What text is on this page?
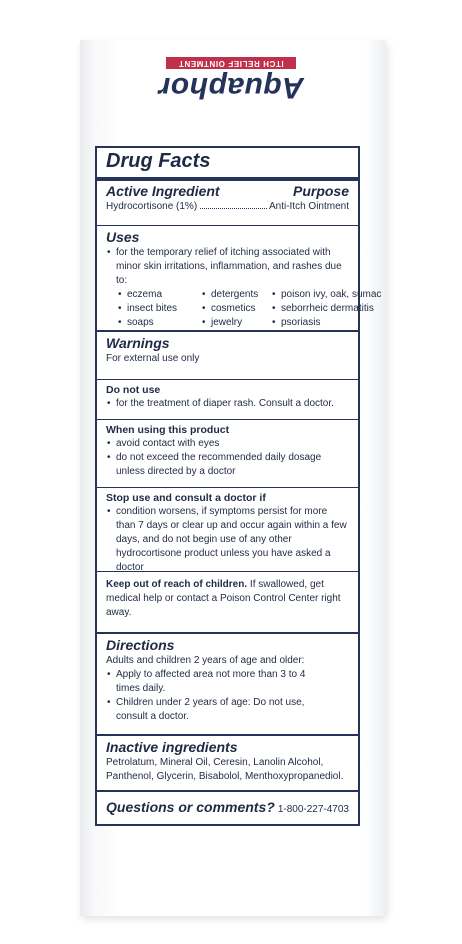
Aquaphor
ITCH RELIEF OINTMENT
Drug Facts
Active Ingredient	Purpose
Hydrocortisone (1%)	Anti-Itch Ointment
Uses
• for the temporary relief of itching associated with minor skin irritations, inflammation, and rashes due to:
• eczema	• detergents	• poison ivy, oak, sumac
• insect bites	• cosmetics	• seborrheic dermatitis
• soaps	• jewelry	• psoriasis
Warnings
For external use only
Do not use
• for the treatment of diaper rash. Consult a doctor.
When using this product
• avoid contact with eyes
• do not exceed the recommended daily dosage unless directed by a doctor
Stop use and consult a doctor if
• condition worsens, if symptoms persist for more than 7 days or clear up and occur again within a few days, and do not begin use of any other hydrocortisone product unless you have asked a doctor
Keep out of reach of children. If swallowed, get medical help or contact a Poison Control Center right away.
Directions
Adults and children 2 years of age and older:
• Apply to affected area not more than 3 to 4 times daily.
• Children under 2 years of age: Do not use, consult a doctor.
Inactive ingredients
Petrolatum, Mineral Oil, Ceresin, Lanolin Alcohol, Panthenol, Glycerin, Bisabolol, Menthoxypropanediol.
Questions or comments? 1-800-227-4703
